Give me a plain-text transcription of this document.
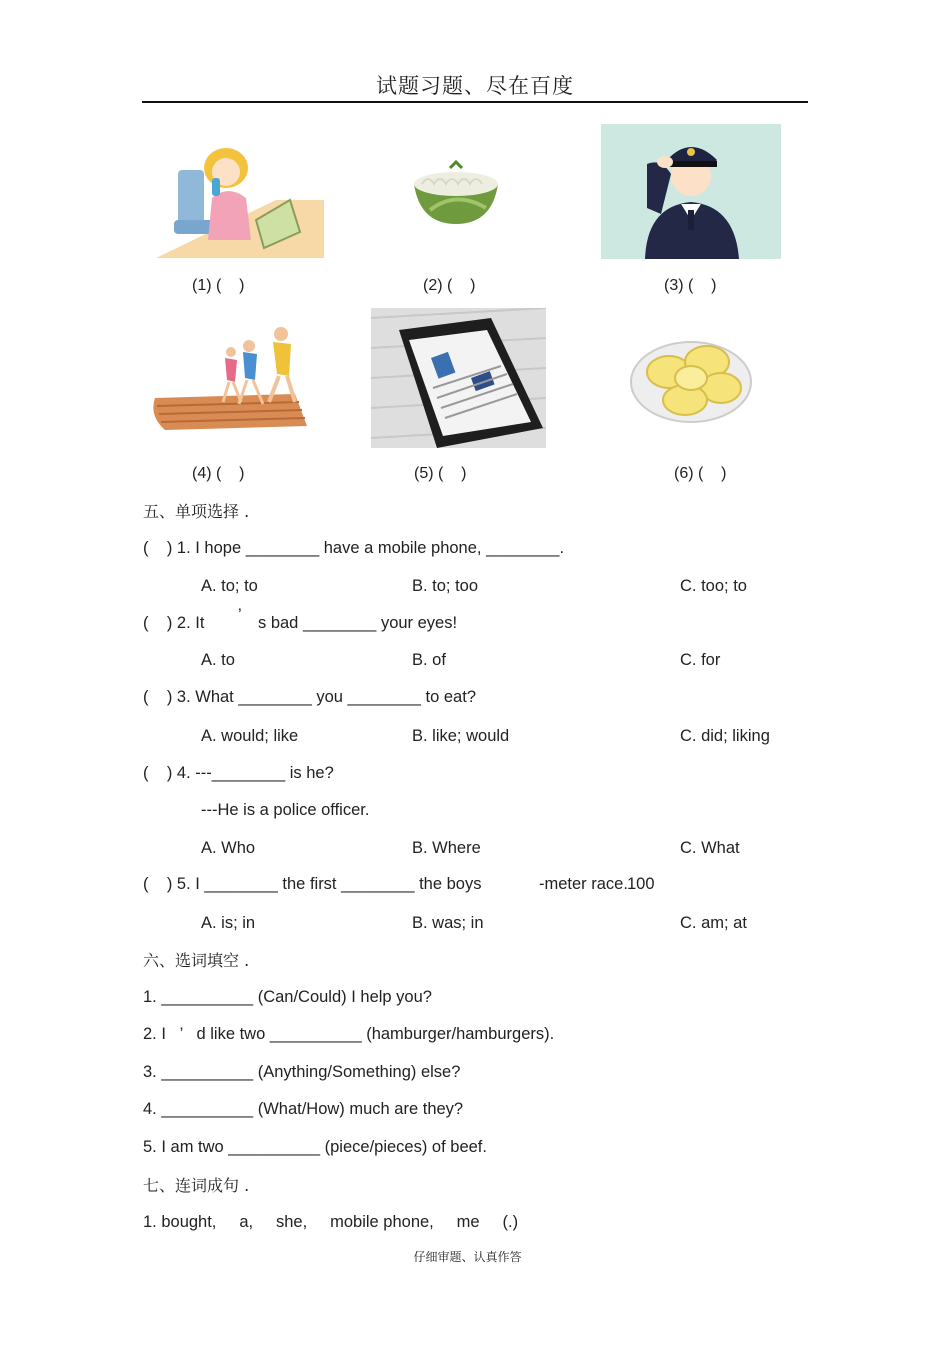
试题习题、尽在百度
(1) (    )	(2) (    )	(3) (    )
(4) (    )	(5) (    )	(6) (    )
五、单项选择 .
(    ) 1. I hope ________ have a mobile phone, ________.
A. to; to	B. to; too	C. too; to
(    ) 2. It ’ s bad ________ your eyes!
A. to	B. of	C. for
(    ) 3. What ________ you ________ to eat?
A. would; like	B. like; would	C. did; liking
(    ) 4. ---________ is he?
---He is a police officer.
A. Who	B. Where	C. What
(    ) 5. I ________ the first ________ the boys	-meter race. 100
A. is; in	B. was; in	C. am; at
六、选词填空 .
1. __________ (Can/Could) I help you?
2. I   ’   d like two __________ (hamburger/hamburgers).
3. __________ (Anything/Something) else?
4. __________ (What/How) much are they?
5. I am two __________ (piece/pieces) of beef.
七、连词成句 .
1. bought,     a,     she,     mobile phone,     me     (.)
仔细审题、认真作答
